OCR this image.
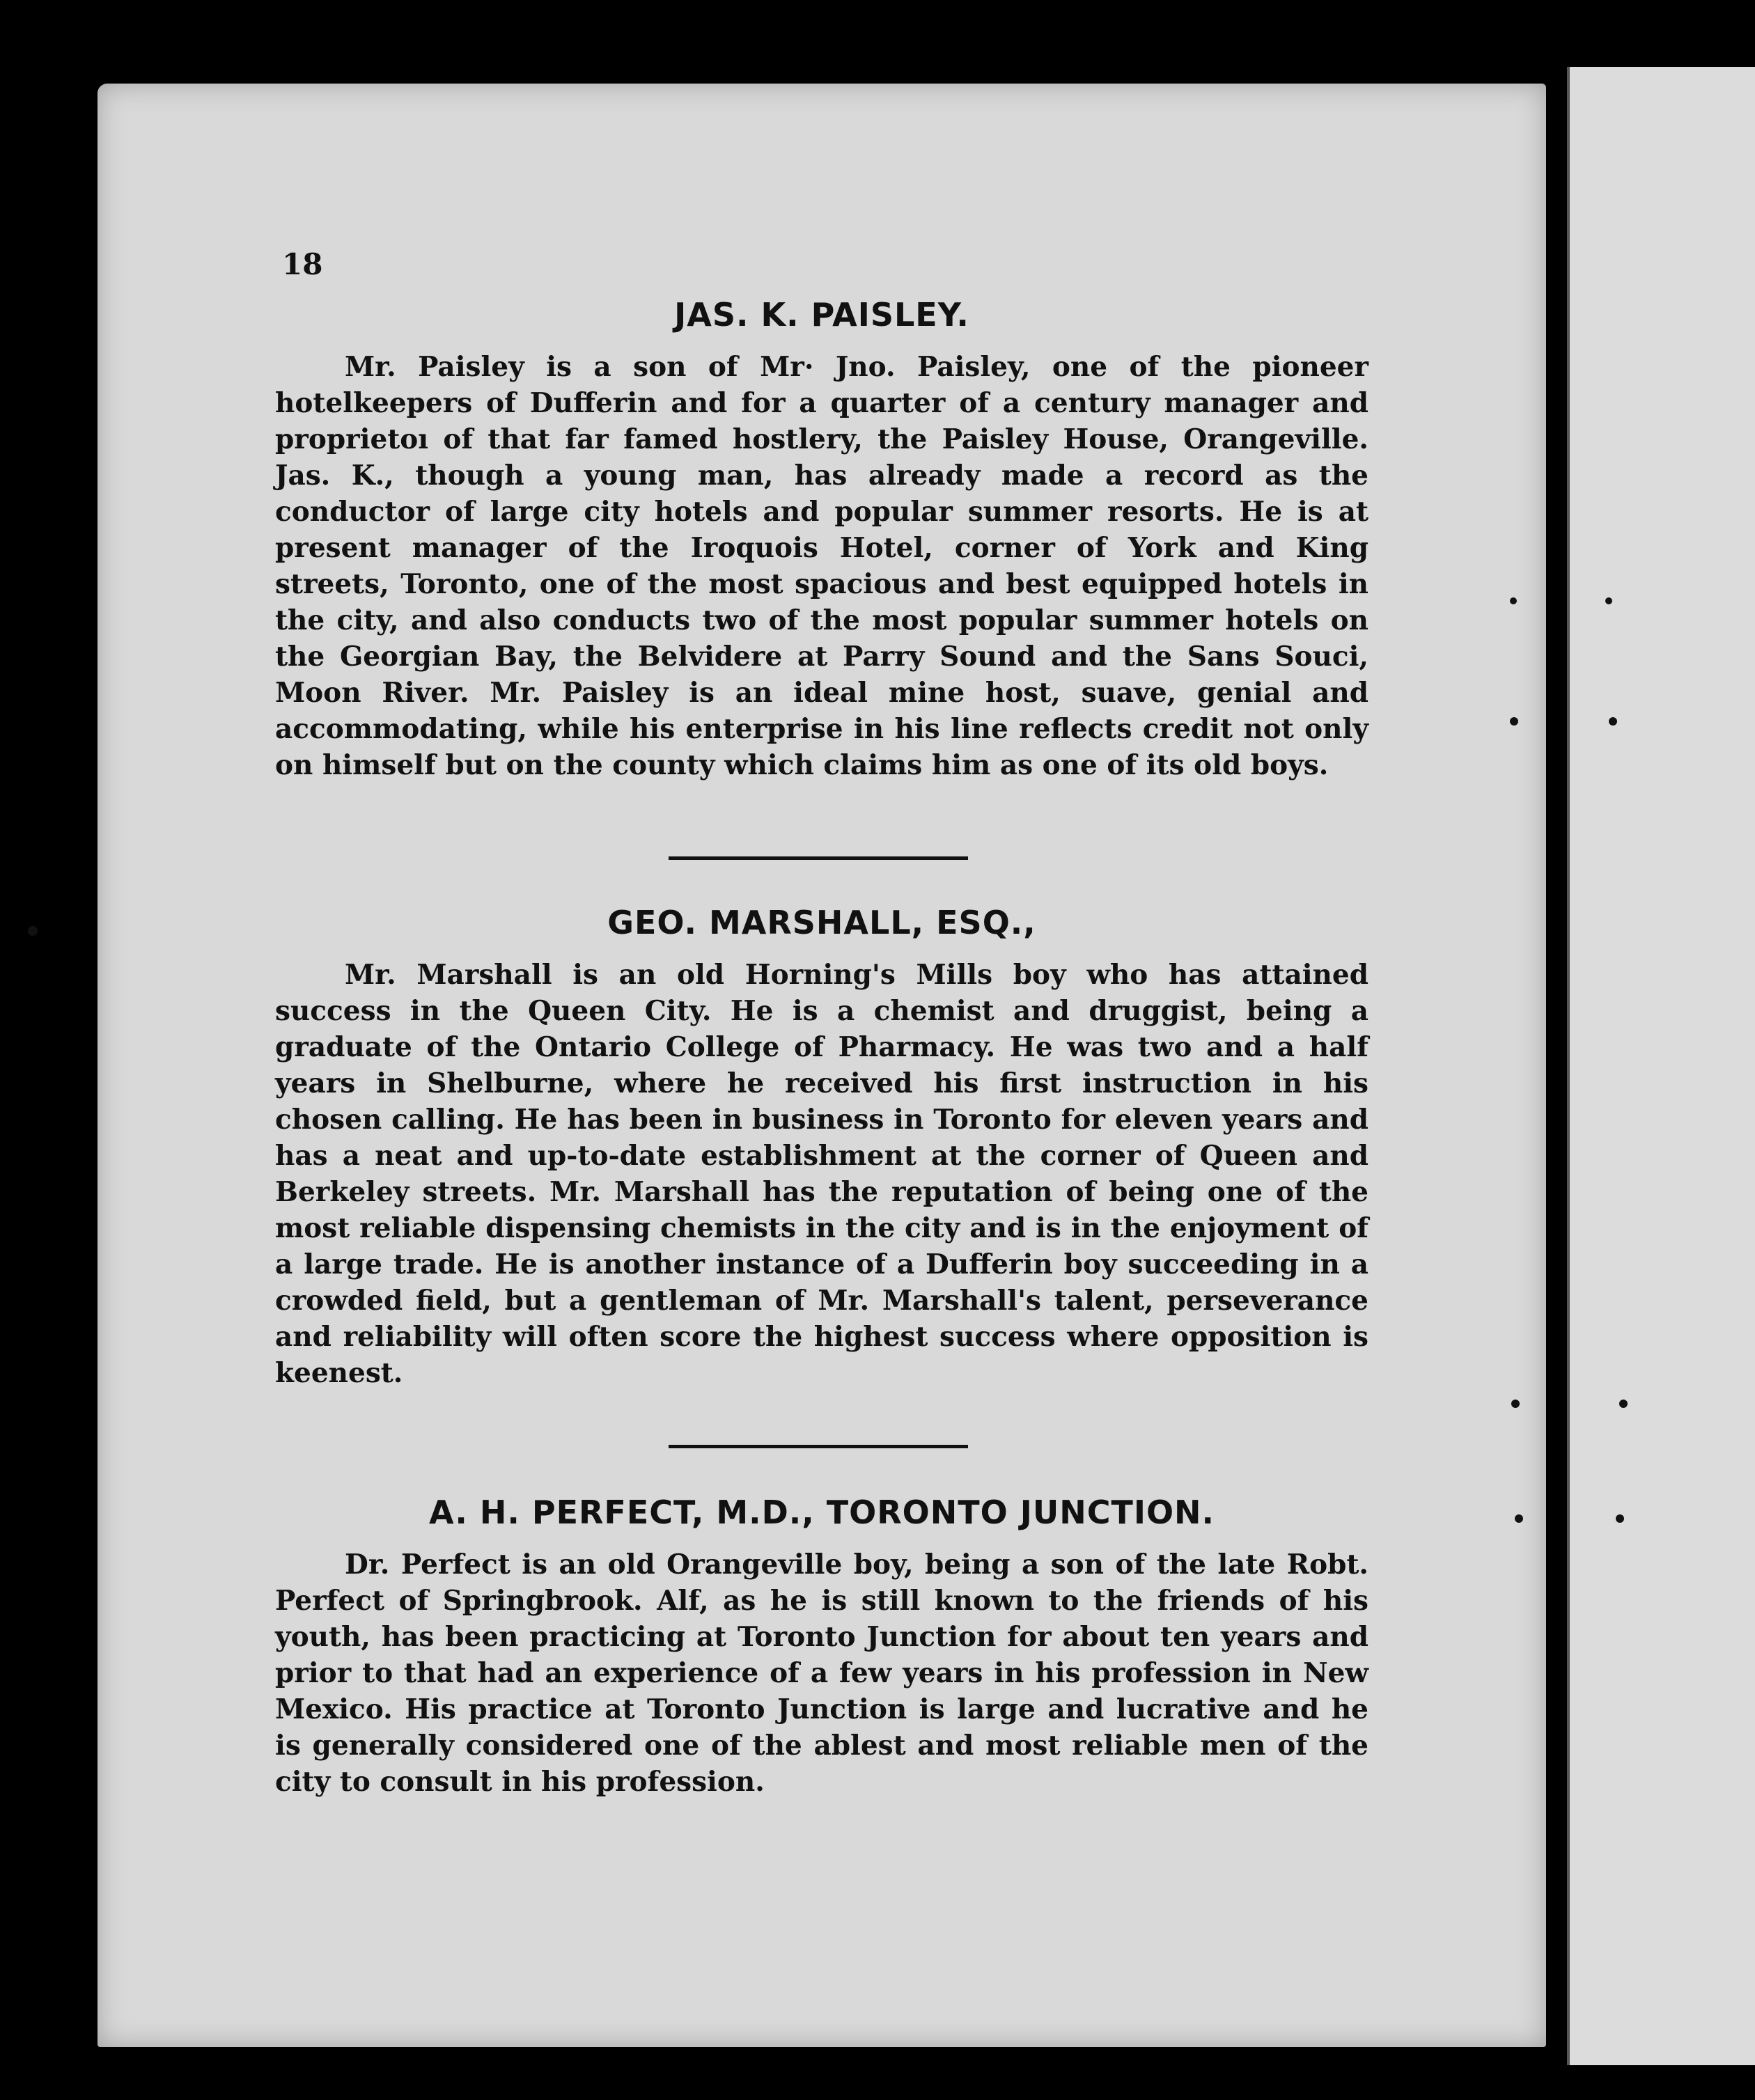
18
JAS. K. PAISLEY.

Mr. Paisley is a son of Mr· Jno. Paisley, one of the pioneer hotelkeepers of Dufferin and for a quarter of a century manager and proprietoı of that far famed hostlery, the Paisley House, Orangeville. Jas. K., though a young man, has already made a record as the conductor of large city hotels and popular summer resorts. He is at present manager of the Iroquois Hotel, corner of York and King streets, Toronto, one of the most spacious and best equipped hotels in the city, and also conducts two of the most popular summer hotels on the Georgian Bay, the Belvidere at Parry Sound and the Sans Souci, Moon River. Mr. Paisley is an ideal mine host, suave, genial and accommodating, while his enterprise in his line reflects credit not only on himself but on the county which claims him as one of its old boys.

GEO. MARSHALL, ESQ.,

Mr. Marshall is an old Horning's Mills boy who has attained success in the Queen City. He is a chemist and druggist, being a graduate of the Ontario College of Pharmacy. He was two and a half years in Shelburne, where he received his first instruction in his chosen calling. He has been in business in Toronto for eleven years and has a neat and up-to-date establishment at the corner of Queen and Berkeley streets. Mr. Marshall has the reputation of being one of the most reliable dispensing chemists in the city and is in the enjoyment of a large trade. He is another instance of a Dufferin boy succeeding in a crowded field, but a gentleman of Mr. Marshall's talent, perseverance and reliability will often score the highest success where opposition is keenest.

A. H. PERFECT, M.D., TORONTO JUNCTION.

Dr. Perfect is an old Orangeville boy, being a son of the late Robt. Perfect of Springbrook. Alf, as he is still known to the friends of his youth, has been practicing at Toronto Junction for about ten years and prior to that had an experience of a few years in his profession in New Mexico. His practice at Toronto Junction is large and lucrative and he is generally considered one of the ablest and most reliable men of the city to consult in his profession.
